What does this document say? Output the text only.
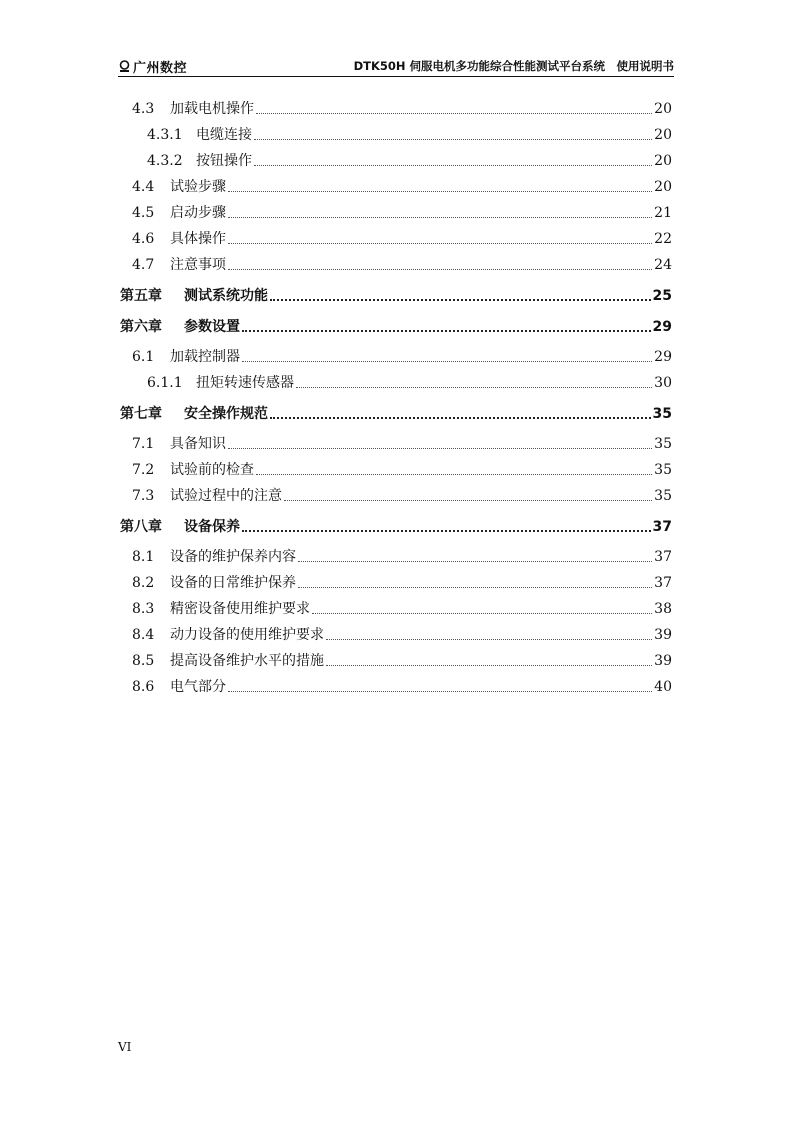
广州数控	DTK50H 伺服电机多功能综合性能测试平台系统　使用说明书
4.3	加载电机操作	20
4.3.1 电缆连接	20
4.3.2 按钮操作	20
4.4	试验步骤	20
4.5	启动步骤	21
4.6	具体操作	22
4.7	注意事项	24
第五章	测试系统功能	25
第六章	参数设置	29
6.1	加载控制器	29
6.1.1 扭矩转速传感器	30
第七章	安全操作规范	35
7.1	具备知识	35
7.2	试验前的检查	35
7.3	试验过程中的注意	35
第八章	设备保养	37
8.1	设备的维护保养内容	37
8.2	设备的日常维护保养	37
8.3	精密设备使用维护要求	38
8.4	动力设备的使用维护要求	39
8.5	提高设备维护水平的措施	39
8.6	电气部分	40
VI
